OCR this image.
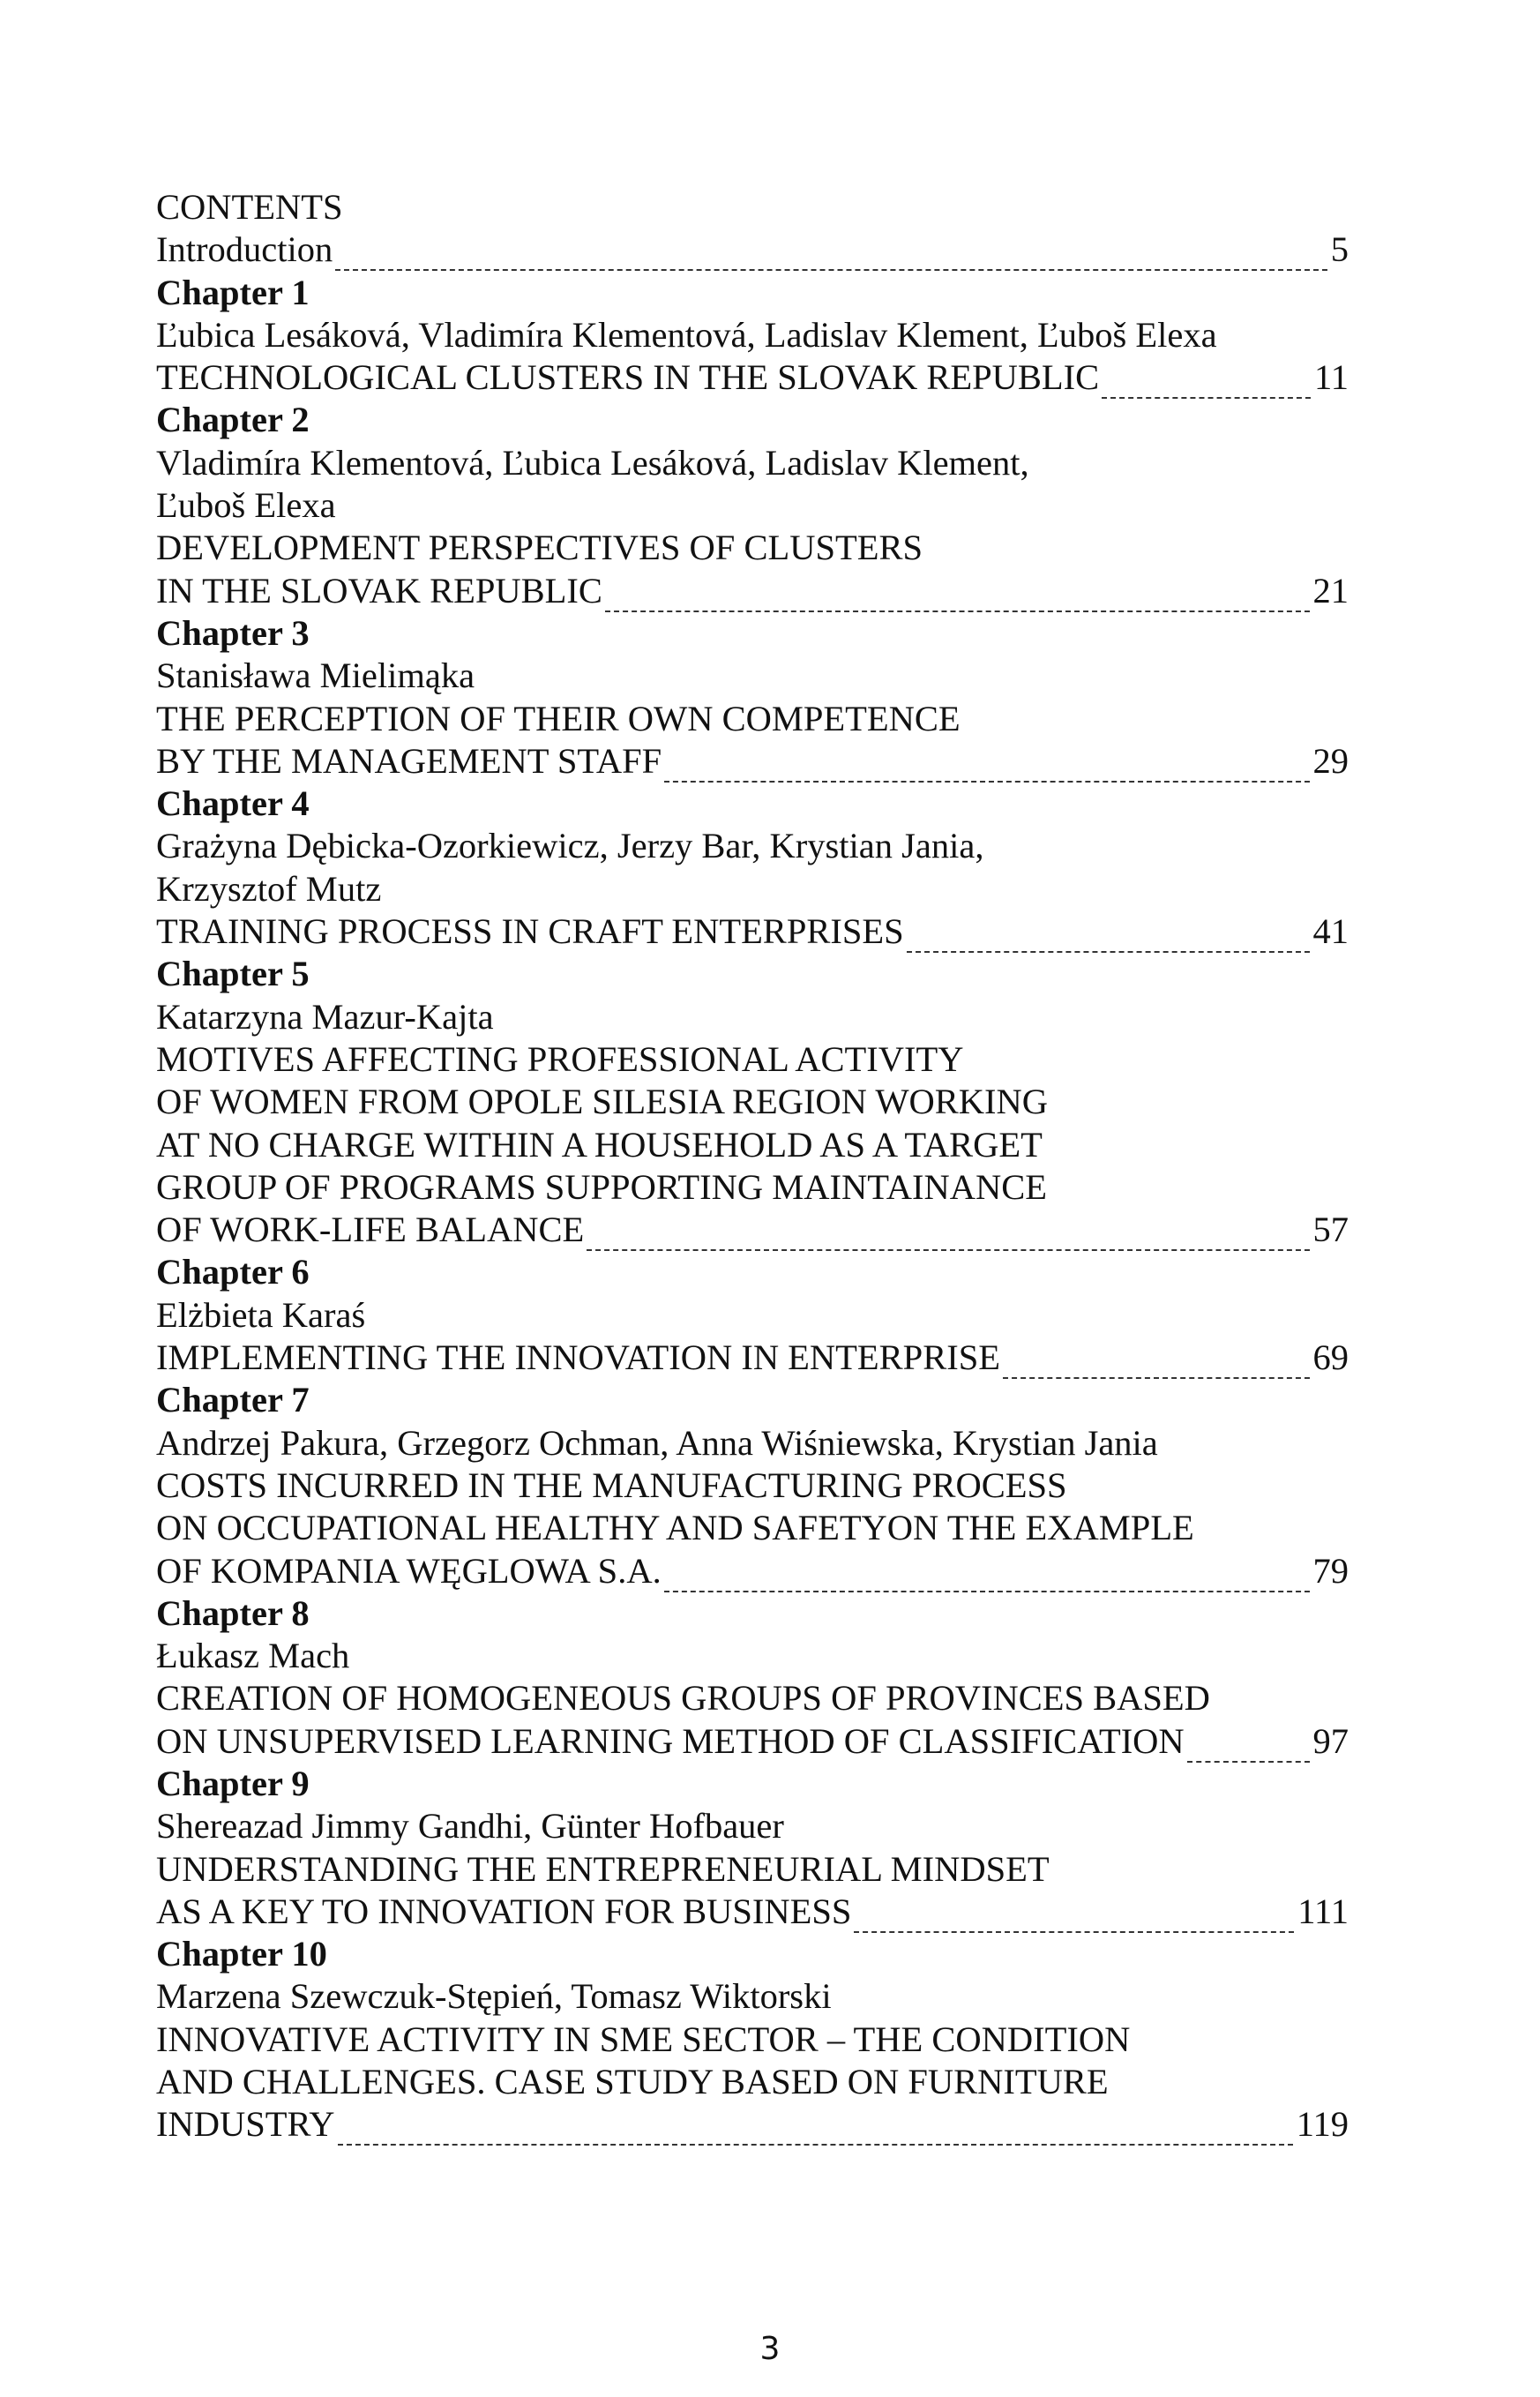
CONTENTS
Introduction	5
Chapter 1
Ľubica Lesáková, Vladimíra Klementová, Ladislav Klement, Ľuboš Elexa
TECHNOLOGICAL CLUSTERS IN THE SLOVAK REPUBLIC	11
Chapter 2
Vladimíra Klementová, Ľubica Lesáková, Ladislav Klement,
Ľuboš Elexa
DEVELOPMENT PERSPECTIVES OF CLUSTERS
IN THE SLOVAK REPUBLIC	21
Chapter 3
Stanisława Mielimąka
THE PERCEPTION OF THEIR OWN COMPETENCE
BY THE MANAGEMENT STAFF	29
Chapter 4
Grażyna Dębicka-Ozorkiewicz, Jerzy Bar, Krystian Jania,
Krzysztof Mutz
TRAINING PROCESS IN CRAFT ENTERPRISES	41
Chapter 5
Katarzyna Mazur-Kajta
MOTIVES AFFECTING PROFESSIONAL ACTIVITY
OF WOMEN FROM OPOLE SILESIA REGION WORKING
AT NO CHARGE WITHIN A HOUSEHOLD AS A TARGET
GROUP OF PROGRAMS SUPPORTING MAINTAINANCE
OF WORK-LIFE BALANCE	57
Chapter 6
Elżbieta Karaś
IMPLEMENTING THE INNOVATION IN ENTERPRISE	69
Chapter 7
Andrzej Pakura, Grzegorz Ochman, Anna Wiśniewska, Krystian Jania
COSTS INCURRED IN THE MANUFACTURING PROCESS
ON OCCUPATIONAL HEALTHY AND SAFETYON THE EXAMPLE
OF KOMPANIA WĘGLOWA S.A.	79
Chapter 8
Łukasz Mach
CREATION OF HOMOGENEOUS GROUPS OF PROVINCES BASED
ON UNSUPERVISED LEARNING METHOD OF CLASSIFICATION	97
Chapter 9
Shereazad Jimmy Gandhi, Günter Hofbauer
UNDERSTANDING THE ENTREPRENEURIAL MINDSET
AS A KEY TO INNOVATION FOR BUSINESS	111
Chapter 10
Marzena Szewczuk-Stępień, Tomasz Wiktorski
INNOVATIVE ACTIVITY IN SME SECTOR – THE CONDITION
AND CHALLENGES. CASE STUDY BASED ON FURNITURE
INDUSTRY	119
3
